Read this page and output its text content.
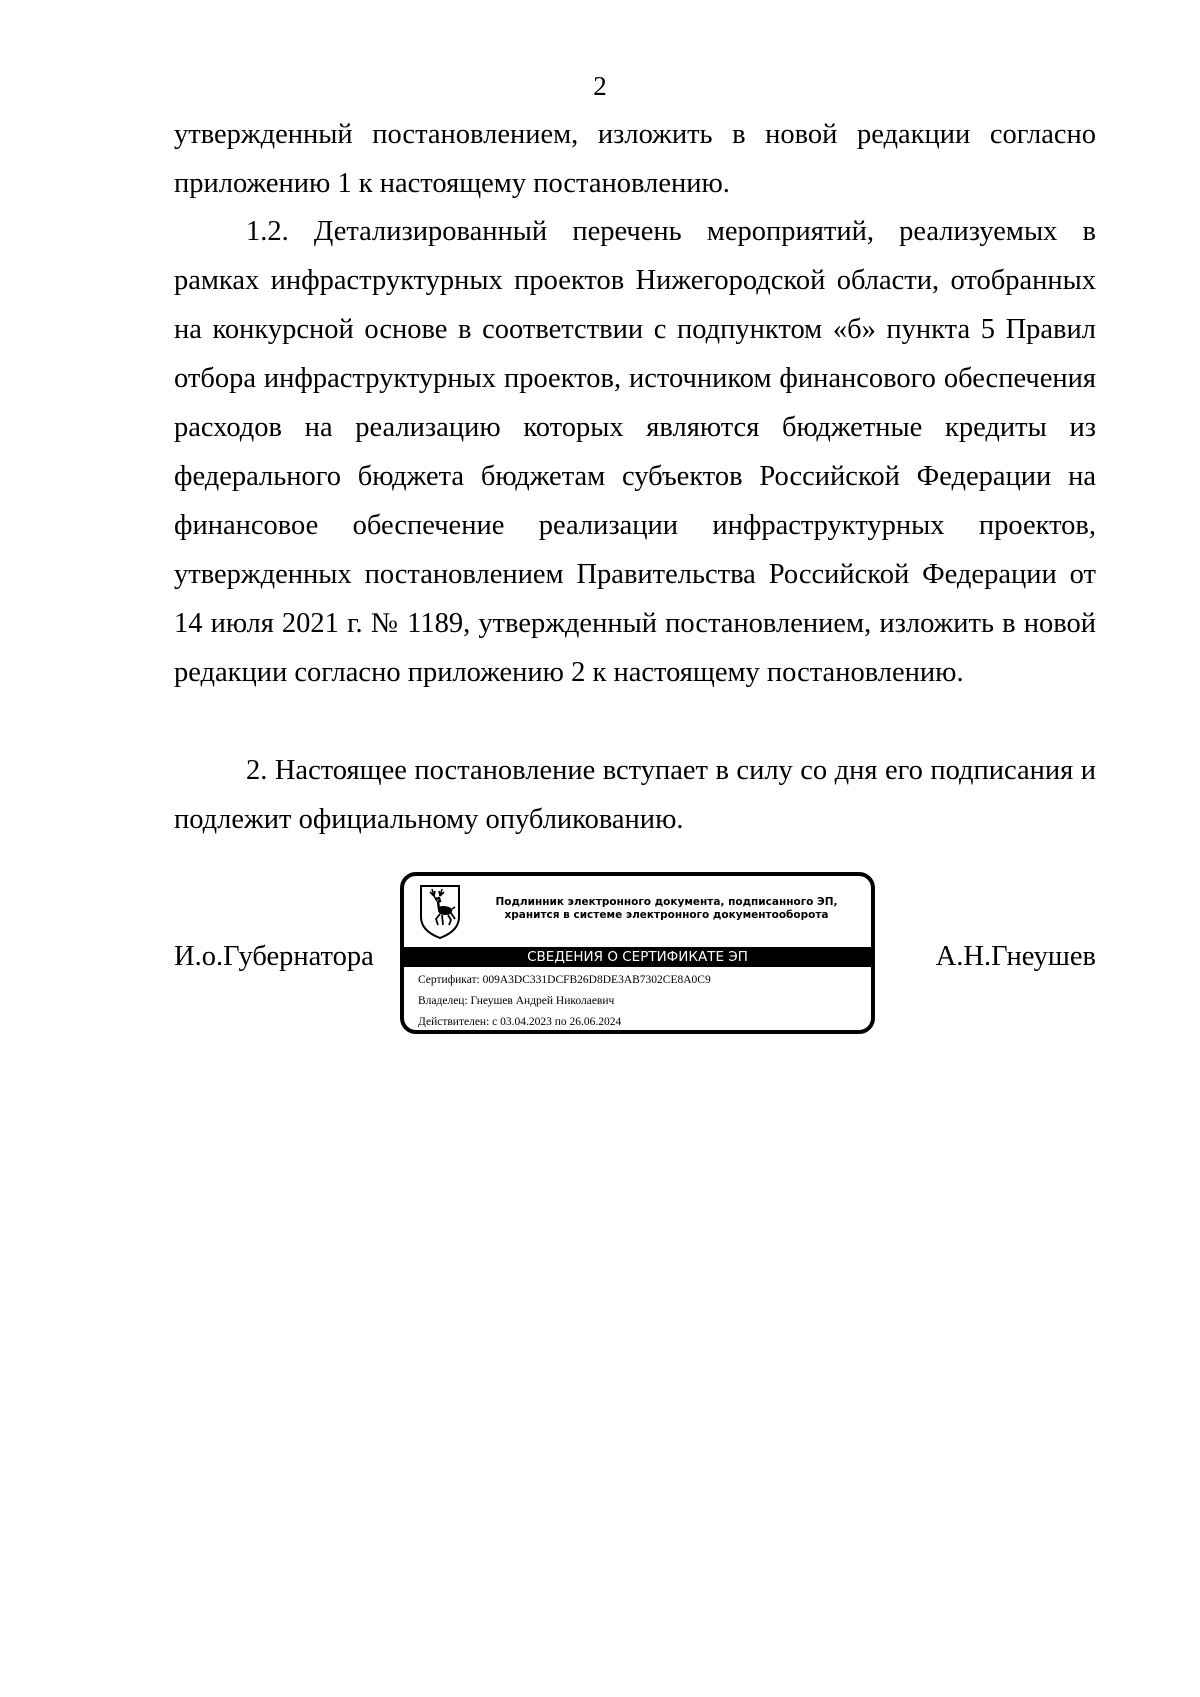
2

утвержденный постановлением, изложить в новой редакции согласно приложению 1 к настоящему постановлению.

1.2. Детализированный перечень мероприятий, реализуемых в рамках инфраструктурных проектов Нижегородской области, отобранных на конкурсной основе в соответствии с подпунктом «б» пункта 5 Правил отбора инфраструктурных проектов, источником финансового обеспечения расходов на реализацию которых являются бюджетные кредиты из федерального бюджета бюджетам субъектов Российской Федерации на финансовое обеспечение реализации инфраструктурных проектов, утвержденных постановлением Правительства Российской Федерации от 14 июля 2021 г. № 1189, утвержденный постановлением, изложить в новой редакции согласно приложению 2 к настоящему постановлению.

2. Настоящее постановление вступает в силу со дня его подписания и подлежит официальному опубликованию.

И.о.Губернатора
Подлинник электронного документа, подписанного ЭП,
хранится в системе электронного документооборота
СВЕДЕНИЯ О СЕРТИФИКАТЕ ЭП
Сертификат: 009A3DC331DCFB26D8DE3AB7302CE8A0C9
Владелец: Гнеушев Андрей Николаевич
Действителен: с 03.04.2023 по 26.06.2024
А.Н.Гнеушев
